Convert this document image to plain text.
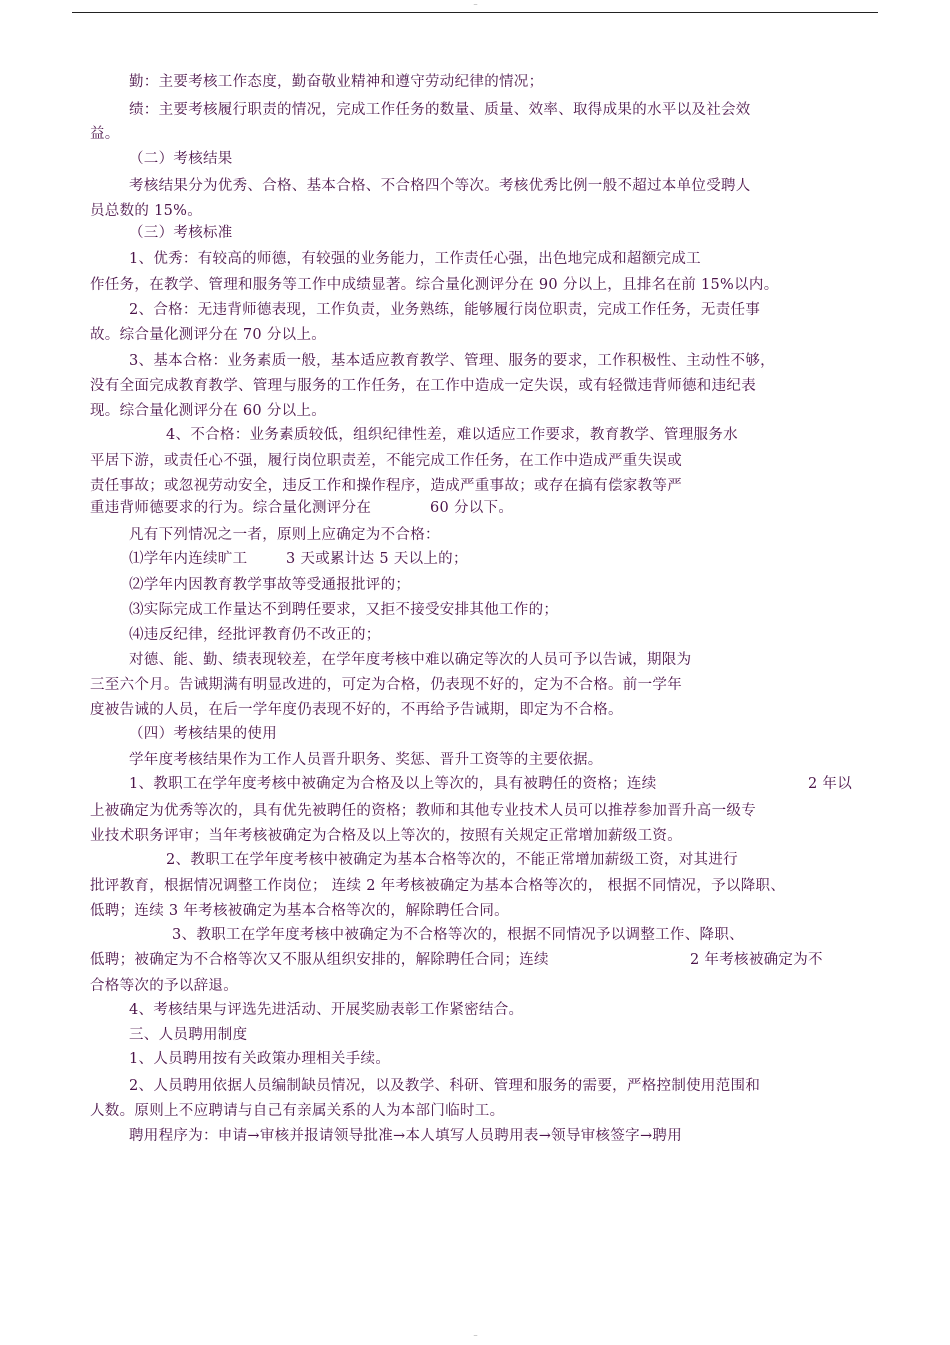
---
勤：主要考核工作态度，勤奋敬业精神和遵守劳动纪律的情况；
绩：主要考核履行职责的情况，完成工作任务的数量、质量、效率、取得成果的水平以及社会效
益。
（二）考核结果
考核结果分为优秀、合格、基本合格、不合格四个等次。考核优秀比例一般不超过本单位受聘人
员总数的 15%。
（三）考核标准
1、优秀：有较高的师德，有较强的业务能力，工作责任心强，出色地完成和超额完成工
作任务，在教学、管理和服务等工作中成绩显著。综合量化测评分在 90 分以上，且排名在前 15%以内。
2、合格：无违背师德表现，工作负责，业务熟练，能够履行岗位职责，完成工作任务，无责任事
故。综合量化测评分在 70 分以上。
3、基本合格：业务素质一般，基本适应教育教学、管理、服务的要求，工作积极性、主动性不够，
没有全面完成教育教学、管理与服务的工作任务，在工作中造成一定失误，或有轻微违背师德和违纪表
现。综合量化测评分在 60 分以上。
4、不合格：业务素质较低，组织纪律性差，难以适应工作要求，教育教学、管理服务水
平居下游，或责任心不强，履行岗位职责差，不能完成工作任务，在工作中造成严重失误或
责任事故；或忽视劳动安全，违反工作和操作程序，造成严重事故；或存在搞有偿家教等严
重违背师德要求的行为。综合量化测评分在	60 分以下。
凡有下列情况之一者，原则上应确定为不合格：
⑴学年内连续旷工	3 天或累计达 5 天以上的；
⑵学年内因教育教学事故等受通报批评的；
⑶实际完成工作量达不到聘任要求，又拒不接受安排其他工作的；
⑷违反纪律，经批评教育仍不改正的；
对德、能、勤、绩表现较差，在学年度考核中难以确定等次的人员可予以告诫，期限为
三至六个月。告诫期满有明显改进的，可定为合格，仍表现不好的，定为不合格。前一学年
度被告诫的人员，在后一学年度仍表现不好的，不再给予告诫期，即定为不合格。
（四）考核结果的使用
学年度考核结果作为工作人员晋升职务、奖惩、晋升工资等的主要依据。
1、教职工在学年度考核中被确定为合格及以上等次的，具有被聘任的资格；连续	2 年以
上被确定为优秀等次的，具有优先被聘任的资格；教师和其他专业技术人员可以推荐参加晋升高一级专
业技术职务评审；当年考核被确定为合格及以上等次的，按照有关规定正常增加薪级工资。
2、教职工在学年度考核中被确定为基本合格等次的，不能正常增加薪级工资，对其进行
批评教育，根据情况调整工作岗位； 连续 2 年考核被确定为基本合格等次的， 根据不同情况，予以降职、
低聘；连续 3 年考核被确定为基本合格等次的，解除聘任合同。
3、教职工在学年度考核中被确定为不合格等次的，根据不同情况予以调整工作、降职、
低聘；被确定为不合格等次又不服从组织安排的，解除聘任合同；连续	2 年考核被确定为不
合格等次的予以辞退。
4、考核结果与评选先进活动、开展奖励表彰工作紧密结合。
三、人员聘用制度
1、人员聘用按有关政策办理相关手续。
2、人员聘用依据人员编制缺员情况，以及教学、科研、管理和服务的需要，严格控制使用范围和
人数。原则上不应聘请与自己有亲属关系的人为本部门临时工。
聘用程序为：申请→审核并报请领导批准→本人填写人员聘用表→领导审核签字→聘用
---
